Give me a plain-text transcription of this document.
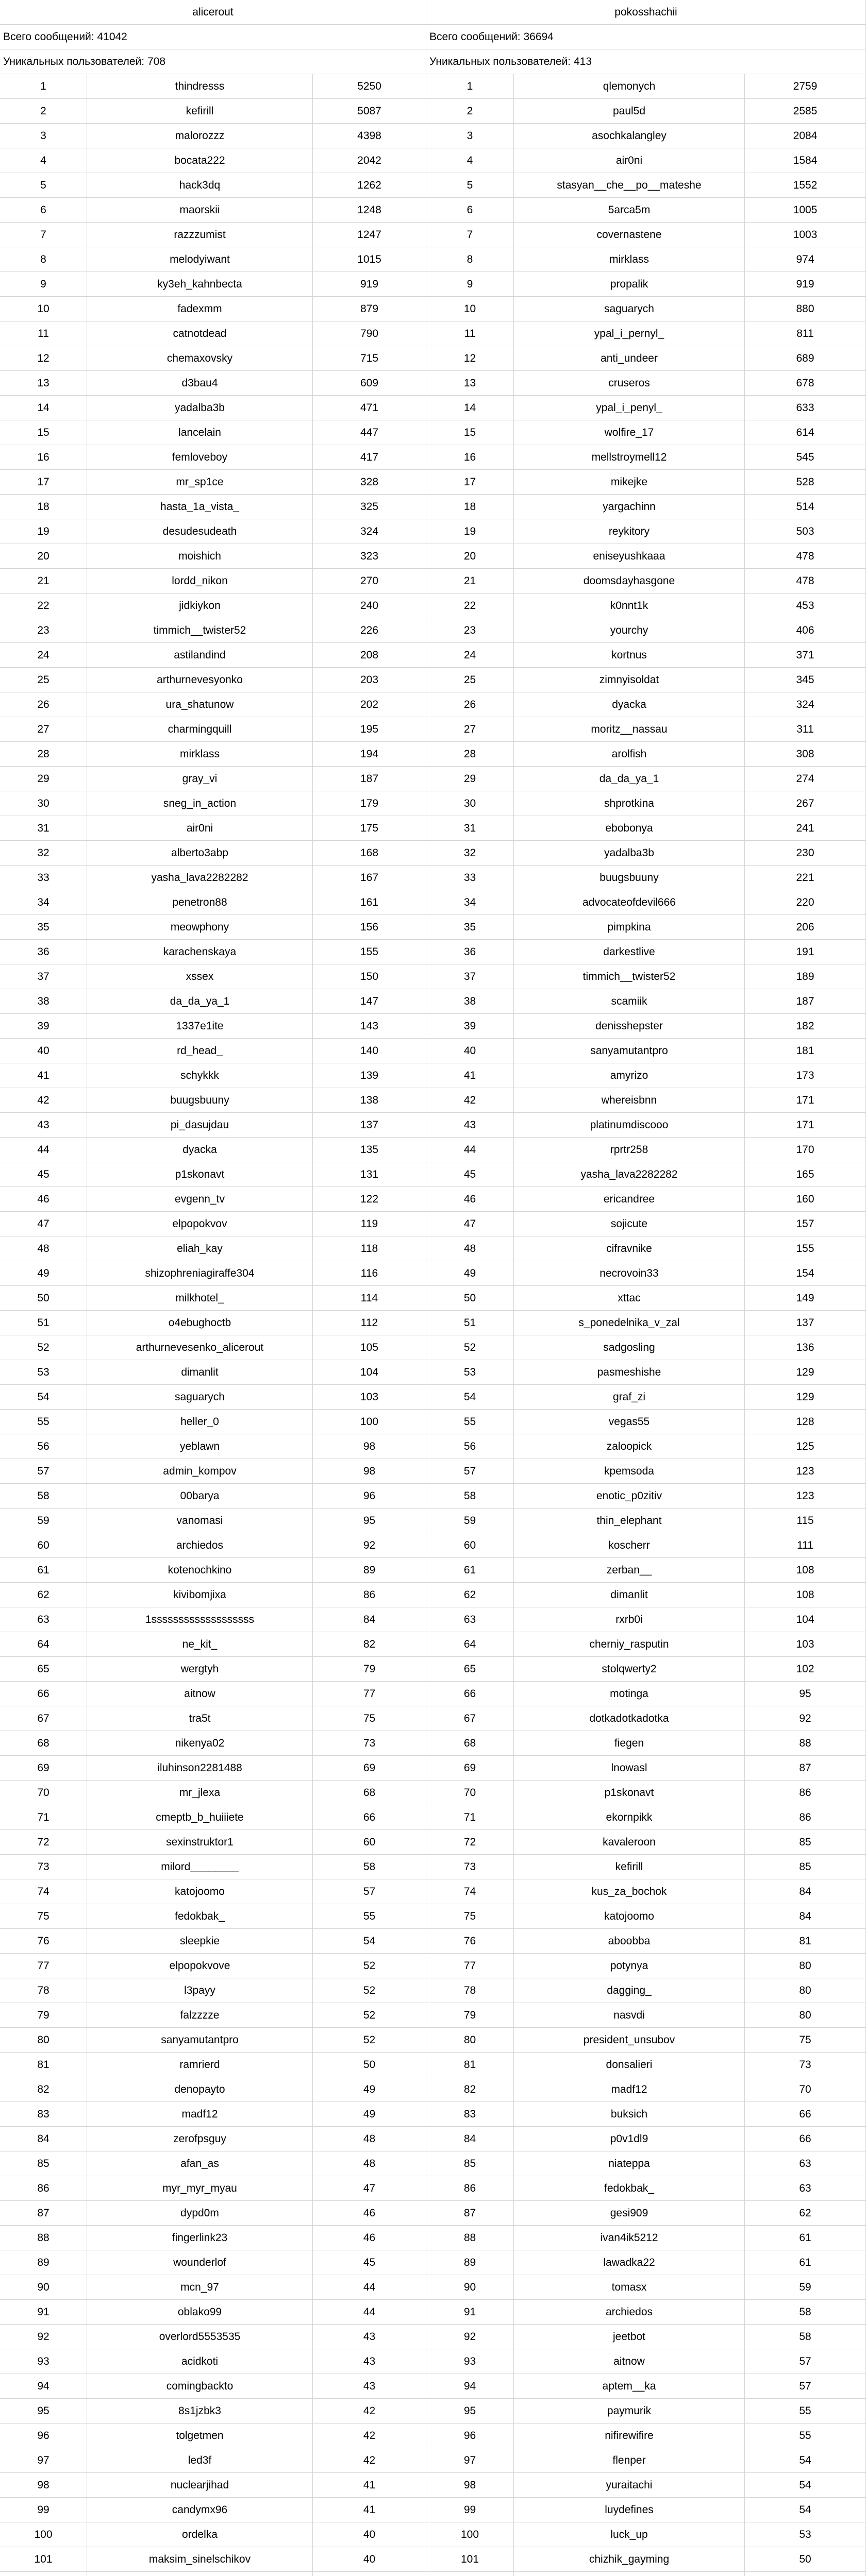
alicerout
Всего сообщений: 41042
Уникальных пользователей: 708
1	thindresss	5250
2	kefirill	5087
3	malorozzz	4398
4	bocata222	2042
5	hack3dq	1262
6	maorskii	1248
7	razzzumist	1247
8	melodyiwant	1015
9	ky3eh_kahnbecta	919
10	fadexmm	879
11	catnotdead	790
12	chemaxovsky	715
13	d3bau4	609
14	yadalba3b	471
15	lancelain	447
16	femloveboy	417
17	mr_sp1ce	328
18	hasta_1a_vista_	325
19	desudesudeath	324
20	moishich	323
21	lordd_nikon	270
22	jidkiykon	240
23	timmich__twister52	226
24	astilandind	208
25	arthurnevesyonko	203
26	ura_shatunow	202
27	charmingquill	195
28	mirklass	194
29	gray_vi	187
30	sneg_in_action	179
31	air0ni	175
32	alberto3abp	168
33	yasha_lava2282282	167
34	penetron88	161
35	meowphony	156
36	karachenskaya	155
37	xssex	150
38	da_da_ya_1	147
39	1337e1ite	143
40	rd_head_	140
41	schykkk	139
42	buugsbuuny	138
43	pi_dasujdau	137
44	dyacka	135
45	p1skonavt	131
46	evgenn_tv	122
47	elpopokvov	119
48	eliah_kay	118
49	shizophreniagiraffe304	116
50	milkhotel_	114
51	o4ebughoctb	112
52	arthurnevesenko_alicerout	105
53	dimanlit	104
54	saguarych	103
55	heller_0	100
56	yeblawn	98
57	admin_kompov	98
58	00barya	96
59	vanomasi	95
60	archiedos	92
61	kotenochkino	89
62	kivibomjixa	86
63	1sssssssssssssssssss	84
64	ne_kit_	82
65	wergtyh	79
66	aitnow	77
67	tra5t	75
68	nikenya02	73
69	iluhinson2281488	69
70	mr_jlexa	68
71	cmeptb_b_huiiiete	66
72	sexinstruktor1	60
73	milord________	58
74	katojoomo	57
75	fedokbak_	55
76	sleepkie	54
77	elpopokvove	52
78	l3payy	52
79	falzzzze	52
80	sanyamutantpro	52
81	ramrierd	50
82	denopayto	49
83	madf12	49
84	zerofpsguy	48
85	afan_as	48
86	myr_myr_myau	47
87	dypd0m	46
88	fingerlink23	46
89	wounderlof	45
90	mcn_97	44
91	oblako99	44
92	overlord5553535	43
93	acidkoti	43
94	comingbackto	43
95	8s1jzbk3	42
96	tolgetmen	42
97	led3f	42
98	nuclearjihad	41
99	candymx96	41
100	ordelka	40
101	maksim_sinelschikov	40
pokosshachii
Всего сообщений: 36694
Уникальных пользователей: 413
1	qlemonych	2759
2	paul5d	2585
3	asochkalangley	2084
4	air0ni	1584
5	stasyan__che__po__mateshe	1552
6	5arca5m	1005
7	covernastene	1003
8	mirklass	974
9	propalik	919
10	saguarych	880
11	ypal_i_pernyl_	811
12	anti_undeer	689
13	cruseros	678
14	ypal_i_penyl_	633
15	wolfire_17	614
16	mellstroymell12	545
17	mikejke	528
18	yargachinn	514
19	reykitory	503
20	eniseyushkaaa	478
21	doomsdayhasgone	478
22	k0nnt1k	453
23	yourchy	406
24	kortnus	371
25	zimnyisoldat	345
26	dyacka	324
27	moritz__nassau	311
28	arolfish	308
29	da_da_ya_1	274
30	shprotkina	267
31	ebobonya	241
32	yadalba3b	230
33	buugsbuuny	221
34	advocateofdevil666	220
35	pimpkina	206
36	darkestlive	191
37	timmich__twister52	189
38	scamiik	187
39	denisshepster	182
40	sanyamutantpro	181
41	amyrizo	173
42	whereisbnn	171
43	platinumdiscooo	171
44	rprtr258	170
45	yasha_lava2282282	165
46	ericandree	160
47	sojicute	157
48	cifravnike	155
49	necrovoin33	154
50	xttac	149
51	s_ponedelnika_v_zal	137
52	sadgosling	136
53	pasmeshishe	129
54	graf_zi	129
55	vegas55	128
56	zaloopick	125
57	kpemsoda	123
58	enotic_p0zitiv	123
59	thin_elephant	115
60	koscherr	111
61	zerban__	108
62	dimanlit	108
63	rxrb0i	104
64	cherniy_rasputin	103
65	stolqwerty2	102
66	motinga	95
67	dotkadotkadotka	92
68	fiegen	88
69	lnowasl	87
70	p1skonavt	86
71	ekornpikk	86
72	kavaleroon	85
73	kefirill	85
74	kus_za_bochok	84
75	katojoomo	84
76	aboobba	81
77	potynya	80
78	dagging_	80
79	nasvdi	80
80	president_unsubov	75
81	donsalieri	73
82	madf12	70
83	buksich	66
84	p0v1dl9	66
85	niateppa	63
86	fedokbak_	63
87	gesi909	62
88	ivan4ik5212	61
89	lawadka22	61
90	tomasx	59
91	archiedos	58
92	jeetbot	58
93	aitnow	57
94	aptem__ka	57
95	paymurik	55
96	nifirewifire	55
97	flenper	54
98	yuraitachi	54
99	luydefines	54
100	luck_up	53
101	chizhik_gayming	50
